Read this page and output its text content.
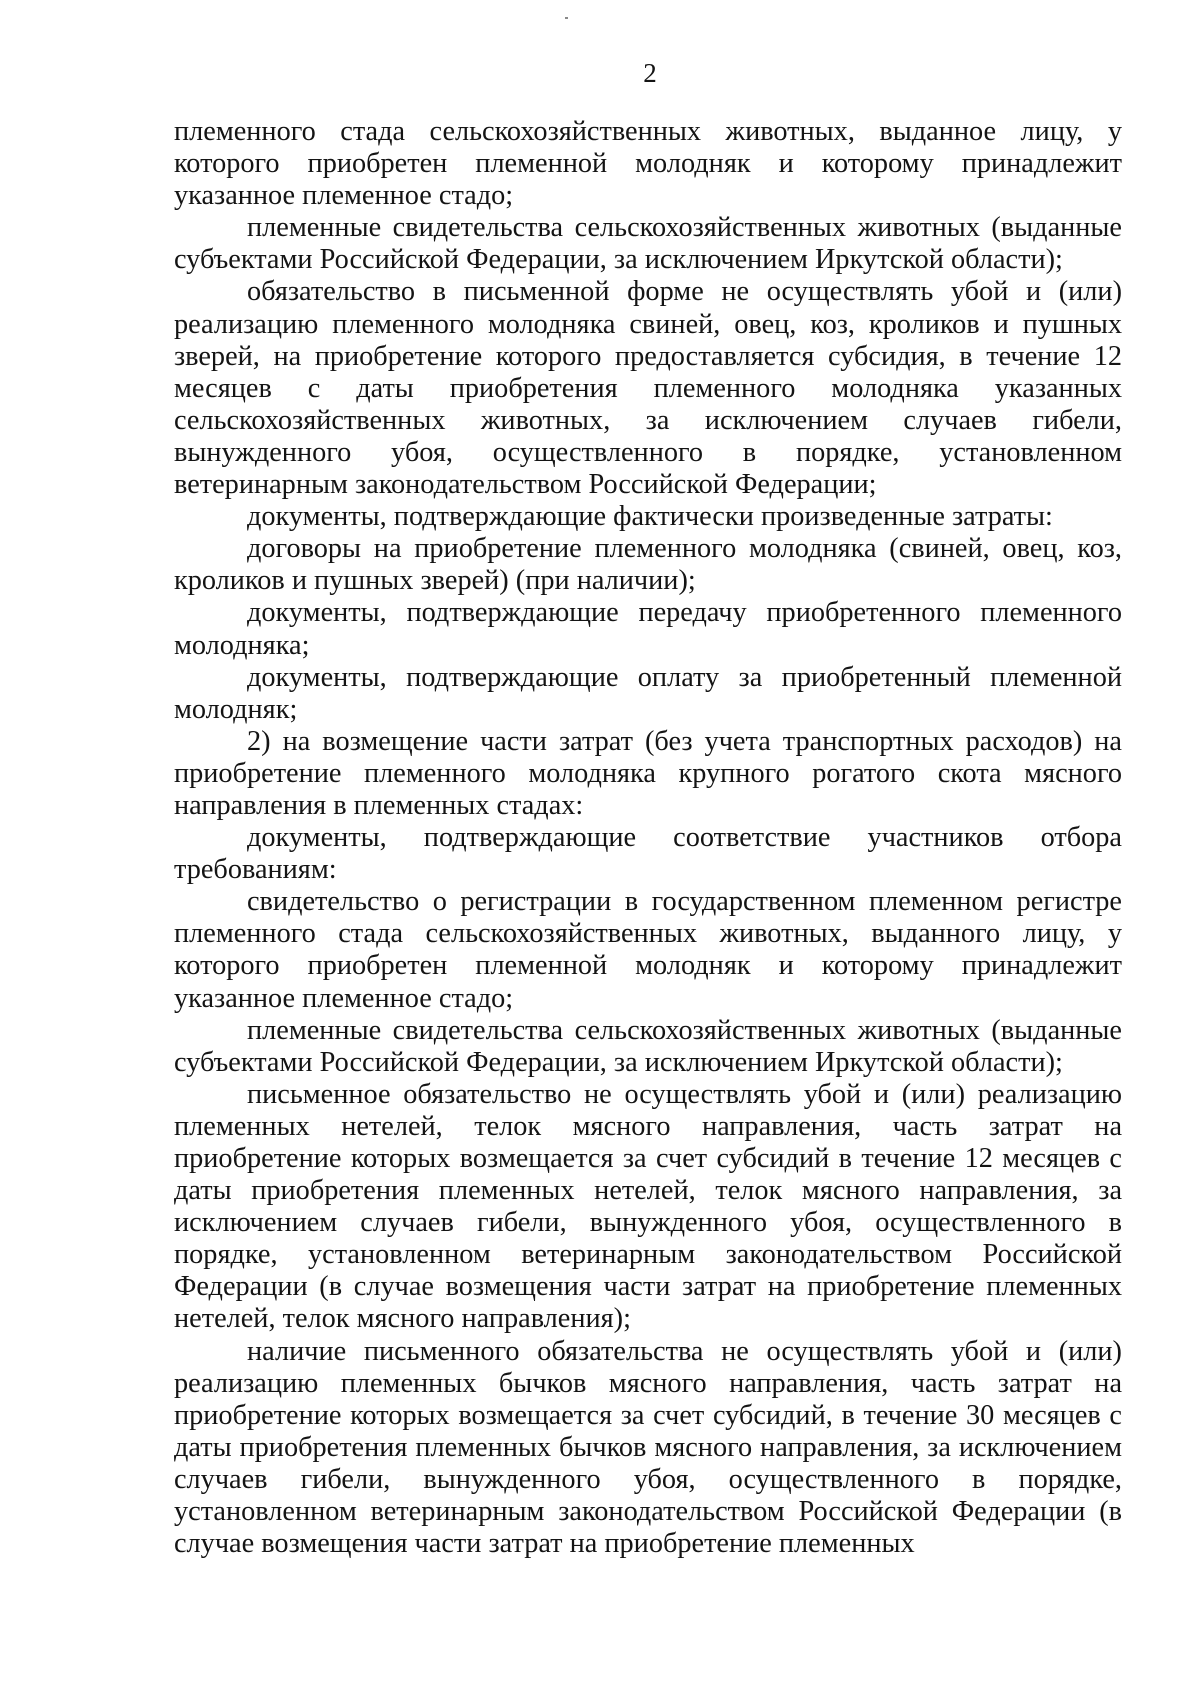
2

племенного стада сельскохозяйственных животных, выданное лицу, у которого приобретен племенной молодняк и которому принадлежит указанное племенное стадо;

племенные свидетельства сельскохозяйственных животных (выданные субъектами Российской Федерации, за исключением Иркутской области);

обязательство в письменной форме не осуществлять убой и (или) реализацию племенного молодняка свиней, овец, коз, кроликов и пушных зверей, на приобретение которого предоставляется субсидия, в течение 12 месяцев с даты приобретения племенного молодняка указанных сельскохозяйственных животных, за исключением случаев гибели, вынужденного убоя, осуществленного в порядке, установленном ветеринарным законодательством Российской Федерации;

документы, подтверждающие фактически произведенные затраты:

договоры на приобретение племенного молодняка (свиней, овец, коз, кроликов и пушных зверей) (при наличии);

документы, подтверждающие передачу приобретенного племенного молодняка;

документы, подтверждающие оплату за приобретенный племенной молодняк;

2) на возмещение части затрат (без учета транспортных расходов) на приобретение племенного молодняка крупного рогатого скота мясного направления в племенных стадах:

документы, подтверждающие соответствие участников отбора требованиям:

свидетельство о регистрации в государственном племенном регистре племенного стада сельскохозяйственных животных, выданного лицу, у которого приобретен племенной молодняк и которому принадлежит указанное племенное стадо;

племенные свидетельства сельскохозяйственных животных (выданные субъектами Российской Федерации, за исключением Иркутской области);

письменное обязательство не осуществлять убой и (или) реализацию племенных нетелей, телок мясного направления, часть затрат на приобретение которых возмещается за счет субсидий в течение 12 месяцев с даты приобретения племенных нетелей, телок мясного направления, за исключением случаев гибели, вынужденного убоя, осуществленного в порядке, установленном ветеринарным законодательством Российской Федерации (в случае возмещения части затрат на приобретение племенных нетелей, телок мясного направления);

наличие письменного обязательства не осуществлять убой и (или) реализацию племенных бычков мясного направления, часть затрат на приобретение которых возмещается за счет субсидий, в течение 30 месяцев с даты приобретения племенных бычков мясного направления, за исключением случаев гибели, вынужденного убоя, осуществленного в порядке, установленном ветеринарным законодательством Российской Федерации (в случае возмещения части затрат на приобретение племенных
